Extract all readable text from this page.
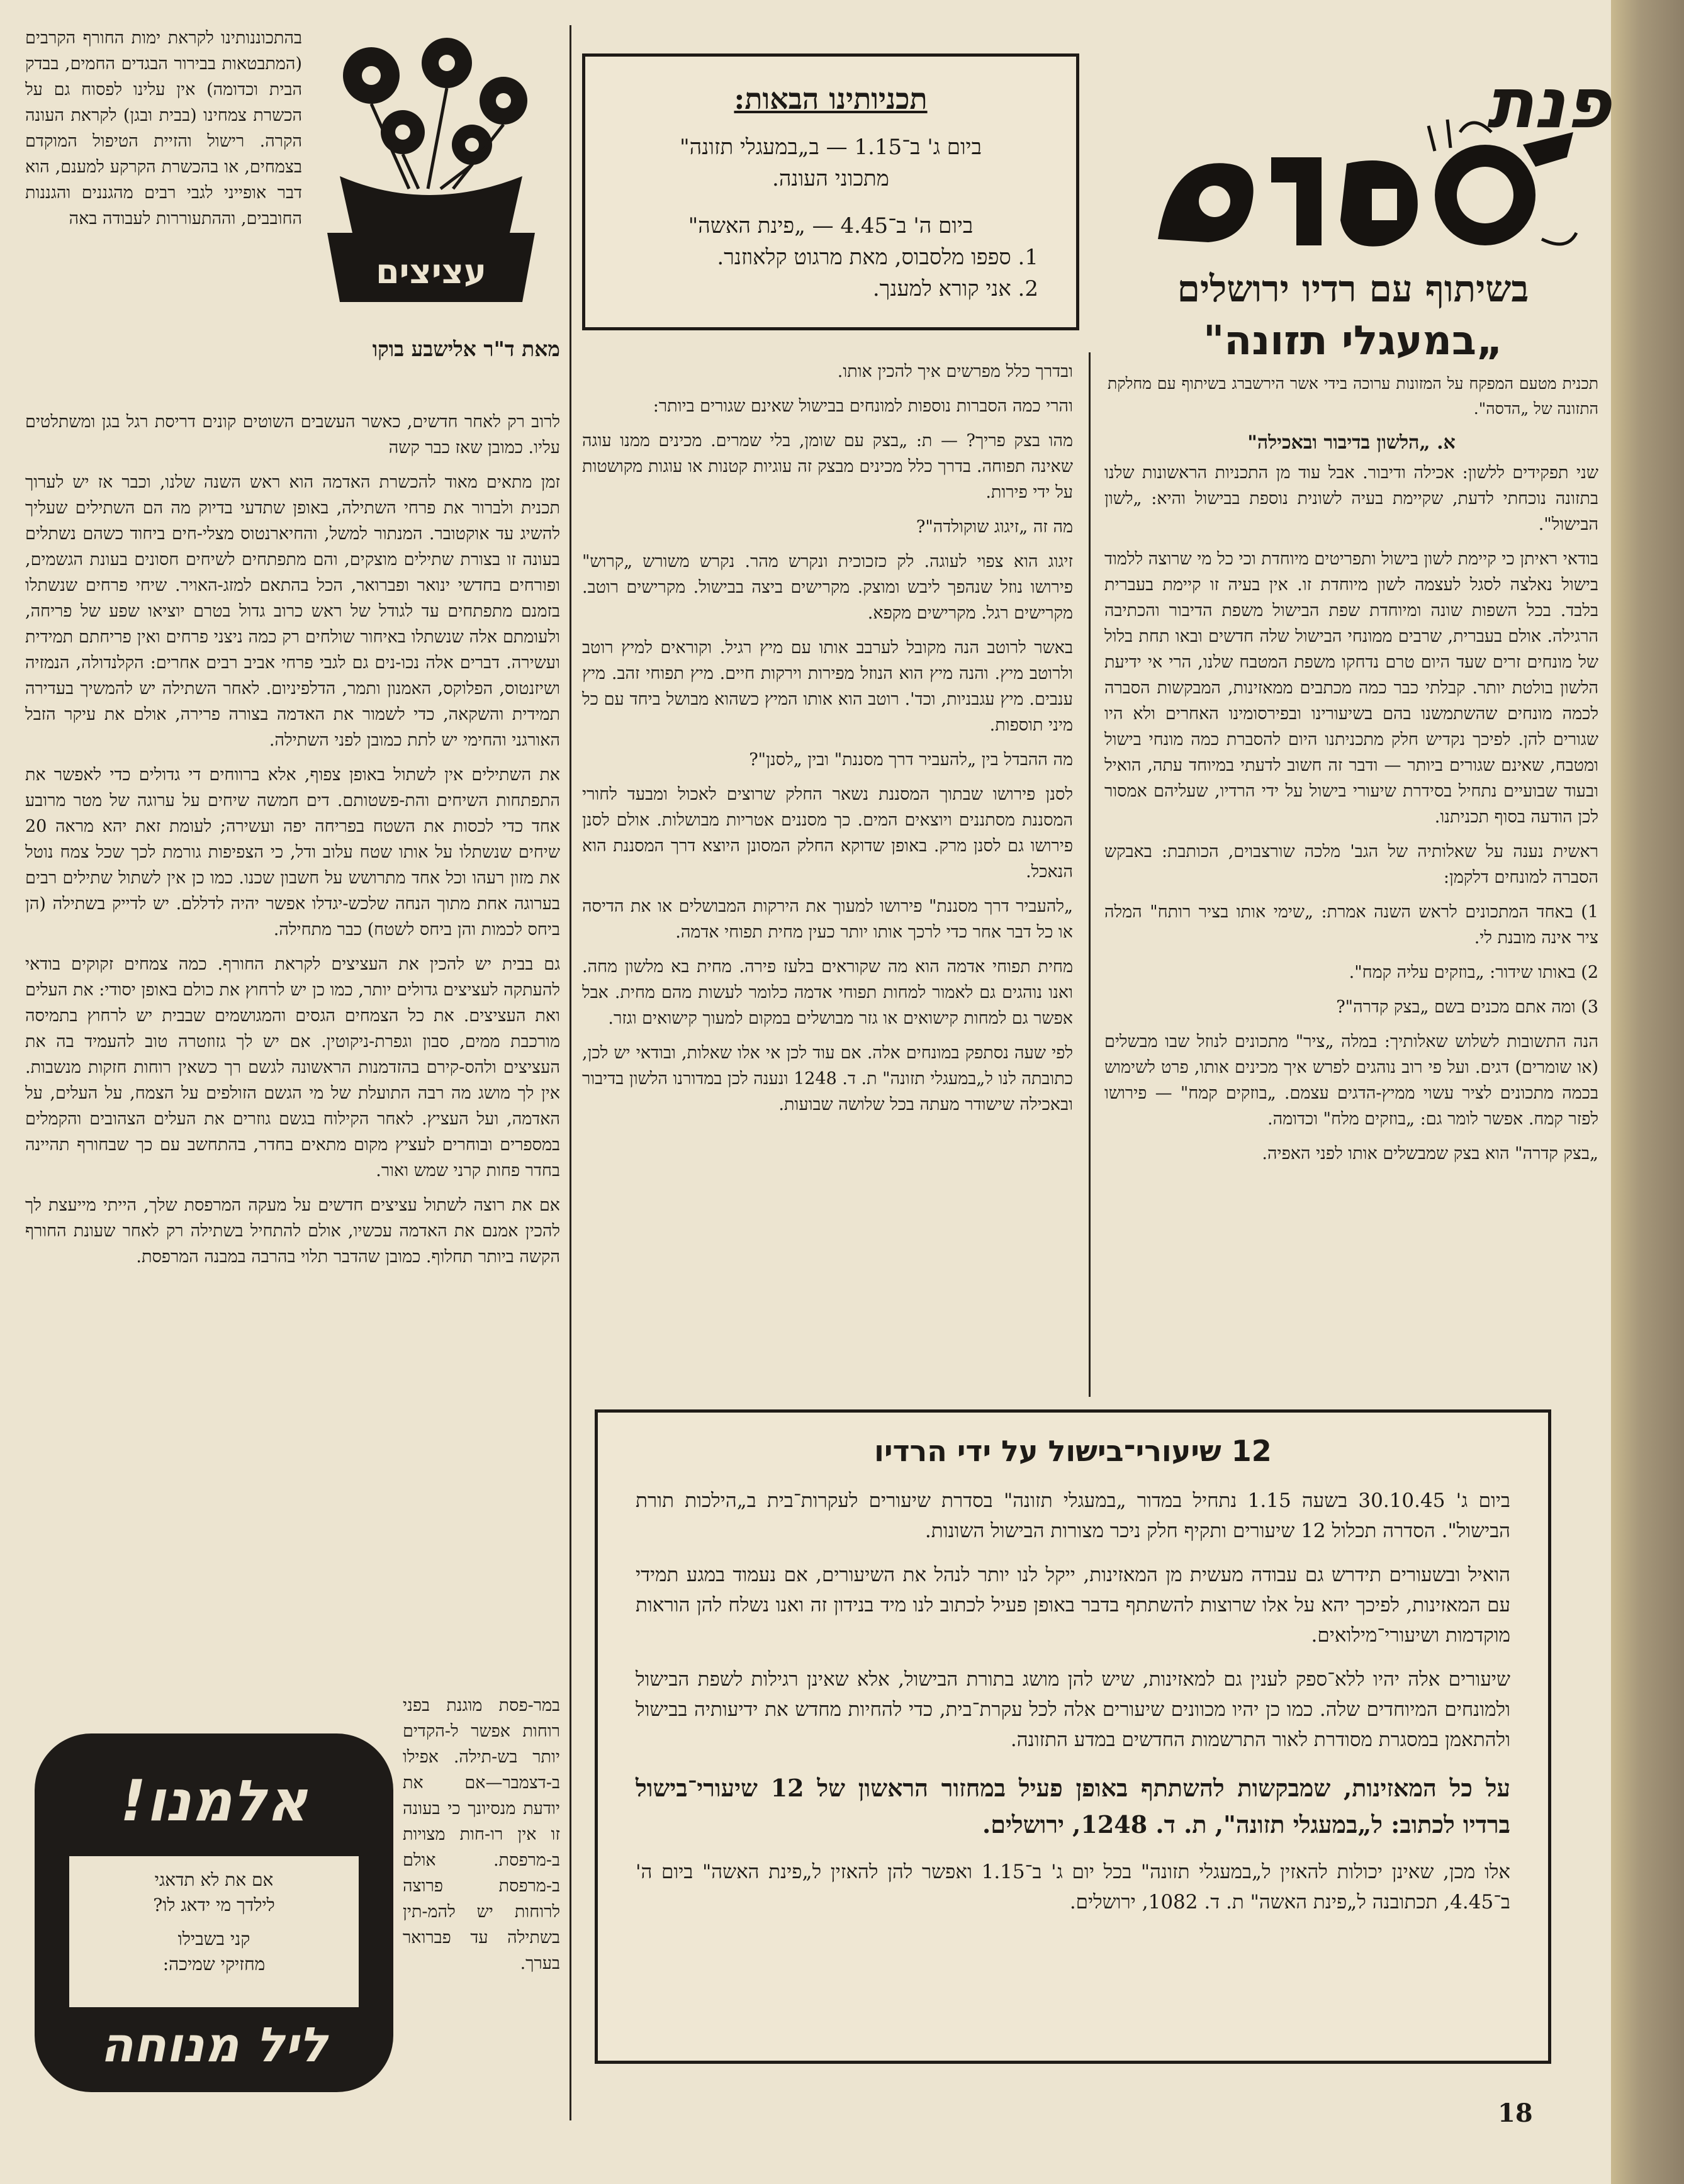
פנת
בשיתוף עם רדיו ירושלים
„במעגלי תזונה"
תכנית מטעם המפקח על המזונות ערוכה בידי אשר הירשברג בשיתוף עם מחלקת התזונה של „הדסה".
א. „הלשון בדיבור ובאכילה"

שני תפקידים ללשון: אכילה ודיבור. אבל עוד מן התכניות הראשונות שלנו בתזונה נוכחתי לדעת, שקיימת בעיה לשונית נוספת בבישול והיא: „לשון הבישול".

בודאי ראיתן כי קיימת לשון בישול ותפריטים מיוחדת וכי כל מי שרוצה ללמוד בישול נאלצה לסגל לעצמה לשון מיוחדת זו. אין בעיה זו קיימת בעברית בלבד. בכל השפות שונה ומיוחדת שפת הבישול משפת הדיבור והכתיבה הרגילה. אולם בעברית, שרבים ממונחי הבישול שלה חדשים ובאו תחת בלול של מונחים זרים שעד היום טרם נדחקו משפת המטבח שלנו, הרי אי ידיעת הלשון בולטת יותר. קבלתי כבר כמה מכתבים ממאזינות, המבקשות הסברה לכמה מונחים שהשתמשנו בהם בשיעורינו ובפירסומינו האחרים ולא היו שגורים להן. לפיכך נקדיש חלק מתכניתנו היום להסברת כמה מונחי בישול ומטבח, שאינם שגורים ביותר — ודבר זה חשוב לדעתי במיוחד עתה, הואיל ובעוד שבועיים נתחיל בסידרת שיעורי בישול על ידי הרדיו, שעליהם אמסור לכן הודעה בסוף תכניתנו.

ראשית נענה על שאלותיה של הגב' מלכה שורצבוים, הכותבת: באבקש הסברה למונחים דלקמן:

1) באחד המתכונים לראש השנה אמרת: „שימי אותו בציר רותח" המלה ציר אינה מובנת לי.

2) באותו שידור: „בוזקים עליה קמח".

3) ומה אתם מכנים בשם „בצק קדרה"?

הנה התשובות לשלוש שאלותיך: במלה „ציר" מתכונים לנוזל שבו מבשלים (או שומרים) דגים. ועל פי רוב נוהגים לפרש איך מכינים אותו, פרט לשימוש בכמה מתכונים לציר עשוי ממיץ-הדגים עצמם. „בוזקים קמח" — פירושו לפזר קמח. אפשר לומר גם: „בוזקים מלח" וכדומה.

„בצק קדרה" הוא בצק שמבשלים אותו לפני האפיה.

תכניותינו הבאות:
ביום ג' ב־1.15 — ב„במעגלי תזונה"
מתכוני העונה.
ביום ה' ב־4.45 — „פינת האשה"
1. ספפו מלסבוס, מאת מרגוט קלאוזנר.
2. אני קורא למענך.

ובדרך כלל מפרשים איך להכין אותו.

והרי כמה הסברות נוספות למונחים בבישול שאינם שגורים ביותר:

מהו בצק פריך? — ת: „בצק עם שומן, בלי שמרים. מכינים ממנו עוגה שאינה תפוחה. בדרך כלל מכינים מבצק זה עוגיות קטנות או עוגות מקושטות על ידי פירות.

מה זה „זיגוג שוקולדה"?

זיגוג הוא צפוי לעוגה. לק כזכוכית ונקרש מהר. נקרש משורש „קרוש" פירושו נוזל שנהפך ליבש ומוצק. מקרישים ביצה בבישול. מקרישים רוטב. מקרישים רגל. מקרישים מקפא.

באשר לרוטב הנה מקובל לערבב אותו עם מיץ רגיל. וקוראים למיץ רוטב ולרוטב מיץ. והנה מיץ הוא הנוזל מפירות וירקות חיים. מיץ תפוחי זהב. מיץ ענבים. מיץ עגבניות, וכד'. רוטב הוא אותו המיץ כשהוא מבושל ביחד עם כל מיני תוספות.

מה ההבדל בין „להעביר דרך מסננת" ובין „לסנן"?

לסנן פירושו שבתוך המסננת נשאר החלק שרוצים לאכול ומבעד לחורי המסננת מסתננים ויוצאים המים. כך מסננים אטריות מבושלות. אולם לסנן פירושו גם לסנן מרק. באופן שדוקא החלק המסונן היוצא דרך המסננת הוא הנאכל.

„להעביר דרך מסננת" פירושו למעוך את הירקות המבושלים או את הדיסה או כל דבר אחר כדי לרכך אותו יותר כעין מחית תפוחי אדמה.

מחית תפוחי אדמה הוא מה שקוראים בלעז פירה. מחית בא מלשון מחה. ואנו נוהגים גם לאמור למחות תפוחי אדמה כלומר לעשות מהם מחית. אבל אפשר גם למחות קישואים או גזר מבושלים במקום למעוך קישואים וגזר.

לפי שעה נסתפק במונחים אלה. אם עוד לכן אי אלו שאלות, ובודאי יש לכן, כתובתה לנו ל„במעגלי תזונה" ת. ד. 1248 ונענה לכן במדורנו הלשון בדיבור ובאכילה שישודר מעתה בכל שלושה שבועות.

עציצים ופרחים

בהתכוננותינו לקראת ימות החורף הקרבים (המתבטאות בבירור הבגדים החמים, בבדק הבית וכדומה) אין עלינו לפסוח גם על הכשרת צמחינו (בבית ובגן) לקראת העונה הקרה. רישול והזיית הטיפול המוקדם בצמחים, או בהכשרת הקרקע למענם, הוא דבר אופייני לגבי רבים מהגננים והגננות החובבים, וההתעוררות לעבודה באה

מאת ד"ר אלישבע בוקו

לרוב רק לאחר חדשים, כאשר העשבים השוטים קונים דריסת רגל בגן ומשתלטים עליו. כמובן שאז כבר קשה

זמן מתאים מאוד להכשרת האדמה הוא ראש השנה שלנו, וכבר אז יש לערוך תכנית ולברור את פרחי השתילה, באופן שתדעי בדיוק מה הם השתילים שעליך להשיג עד אוקטובר. המנתור למשל, והחיארנטוס מצלי-חים ביחוד כשהם נשתלים בעונה זו בצורת שתילים מוצקים, והם מתפתחים לשיחים חסונים בעונת הגשמים, ופורחים בחדשי ינואר ופברואר, הכל בהתאם למזג-האויר. שיחי פרחים שנשתלו בזמנם מתפתחים עד לגודל של ראש כרוב גדול בטרם יוציאו שפע של פריחה, ולעומתם אלה שנשתלו באיחור שולחים רק כמה ניצני פרחים ואין פריחתם תמידית ועשירה. דברים אלה נכו-נים גם לגבי פרחי אביב רבים אחרים: הקלנדולה, הנמזיה ושיזנטוס, הפלוקס, האמנון ותמר, הדלפיניום. לאחר השתילה יש להמשיך בעדירה תמידית והשקאה, כדי לשמור את האדמה בצורה פרירה, אולם את עיקר הזבל האורגני והחימי יש לתת כמובן לפני השתילה.

את השתילים אין לשתול באופן צפוף, אלא ברווחים די גדולים כדי לאפשר את התפתחות השיחים והת-פשטותם. דים חמשה שיחים על ערוגה של מטר מרובע אחד כדי לכסות את השטח בפריחה יפה ועשירה; לעומת זאת יהא מראה 20 שיחים שנשתלו על אותו שטח עלוב ודל, כי הצפיפות גורמת לכך שכל צמח נוטל את מזון רעהו וכל אחד מתרושש על חשבון שכנו. כמו כן אין לשתול שתילים רבים בערוגה אחת מתוך הנחה שלכש-יגדלו אפשר יהיה לדללם. יש לדייק בשתילה (הן ביחס לכמות והן ביחס לשטח) כבר מתחילה.

גם בבית יש להכין את העציצים לקראת החורף. כמה צמחים זקוקים בודאי להעתקה לעציצים גדולים יותר, כמו כן יש לרחוץ את כולם באופן יסודי: את העלים ואת העציצים. את כל הצמחים הגסים והמגושמים שבבית יש לרחוץ בתמיסה מורכבת ממים, סבון וגפרת-ניקוטין. אם יש לך גזוזטרה טוב להעמיד בה את העציצים ולהס-קירם בהזדמנות הראשונה לגשם רך כשאין רוחות חזקות מנשבות. אין לך מושג מה רבה התועלת של מי הגשם הזולפים על הצמח, על העלים, על האדמה, ועל העציץ. לאחר הקילוח בגשם גוזרים את העלים הצהובים והקמלים במספרים ובוחרים לעציץ מקום מתאים בחדר, בהתחשב עם כך שבחורף תהיינה בחדר פחות קרני שמש ואור.

אם את רוצה לשתול עציצים חדשים על מעקה המרפסת שלך, הייתי מייעצת לך להכין אמנם את האדמה עכשיו, אולם להתחיל בשתילה רק לאחר שעונת החורף הקשה ביותר תחלוף. כמובן שהדבר תלוי בהרבה במבנה המרפסת.

במר-פסת מוגנת בפני רוחות אפשר ל-הקדים יותר בש-תילה. אפילו ב-דצמבר—אם את יודעת מנסיונך כי בעונה זו אין רו-חות מצויות ב-מרפסת. אולם ב-מרפסת פרוצה לרוחות יש להמ-תין בשתילה עד פברואר בערך.

!אלמנו
אם את לא תדאגי
לילדך מי ידאג לו?
קני בשבילו
מחזיקי שמיכה:
ליל מנוחה
12 שיעורי־בישול על ידי הרדיו

ביום ג' 30.10.45 בשעה 1.15 נתחיל במדור „במעגלי תזונה" בסדרת שיעורים לעקרות־בית ב„הילכות תורת הבישול". הסדרה תכלול 12 שיעורים ותקיף חלק ניכר מצורות הבישול השונות.

הואיל ובשעורים תידרש גם עבודה מעשית מן המאזינות, ייקל לנו יותר לנהל את השיעורים, אם נעמוד במגע תמידי עם המאזינות, לפיכך יהא על אלו שרוצות להשתתף בדבר באופן פעיל לכתוב לנו מיד בנידון זה ואנו נשלח להן הוראות מוקדמות ושיעורי־מילואים.

שיעורים אלה יהיו ללא־ספק לענין גם למאזינות, שיש להן מושג בתורת הבישול, אלא שאינן רגילות לשפת הבישול ולמונחים המיוחדים שלה. כמו כן יהיו מכוונים שיעורים אלה לכל עקרת־בית, כדי להחיות מחדש את ידיעותיה בבישול ולהתאמן במסגרת מסודרת לאור התרשמות החדשים במדע התזונה.

על כל המאזינות, שמבקשות להשתתף באופן פעיל במחזור הראשון של 12 שיעורי־בישול ברדיו לכתוב: ל„במעגלי תזונה", ת. ד. 1248, ירושלים.

אלו מכן, שאינן יכולות להאזין ל„במעגלי תזונה" בכל יום ג' ב־1.15 ואפשר להן להאזין ל„פינת האשה" ביום ה' ב־4.45, תכתובנה ל„פינת האשה" ת. ד. 1082, ירושלים.

18
